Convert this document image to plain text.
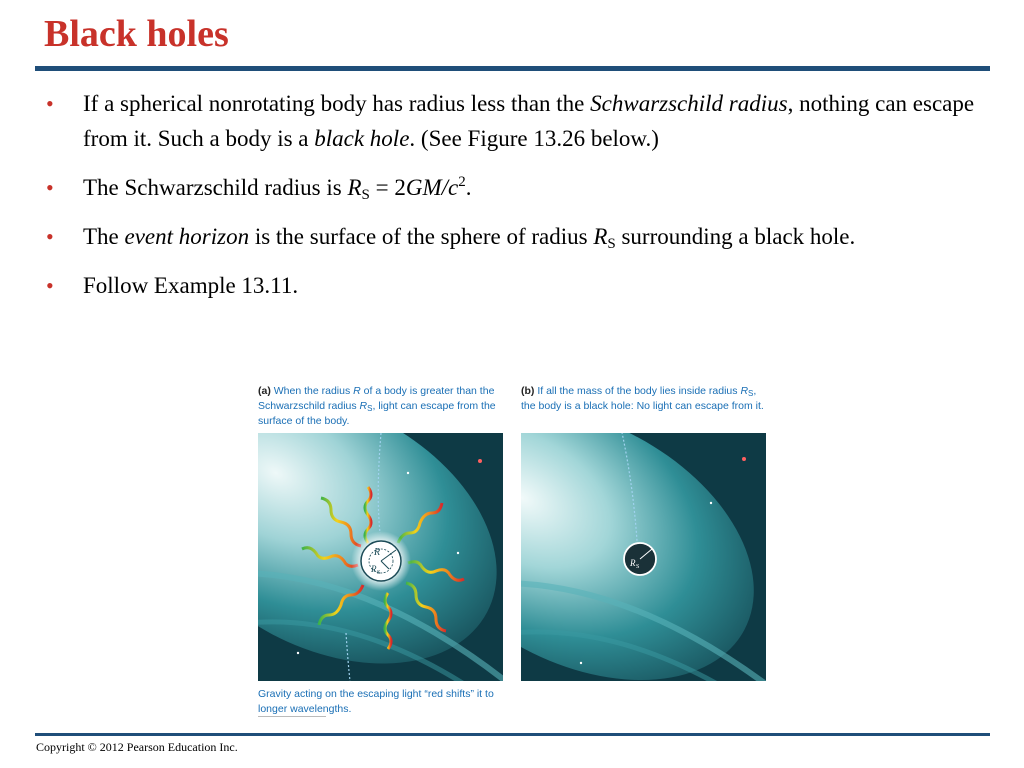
Black holes
• If a spherical nonrotating body has radius less than the Schwarzschild radius, nothing can escape from it. Such a body is a black hole. (See Figure 13.26 below.)
• The Schwarzschild radius is $R_S = 2GM/c^2$.
• The event horizon is the surface of the sphere of radius $R_S$ surrounding a black hole.
• Follow Example 13.11.
(a) When the radius R of a body is greater than the Schwarzschild radius $R_S$, light can escape from the surface of the body.
(b) If all the mass of the body lies inside radius $R_S$, the body is a black hole: No light can escape from it.
R
R S
Gravity acting on the escaping light “red shifts” it to longer wavelengths.
R S
Copyright © 2012 Pearson Education Inc.
